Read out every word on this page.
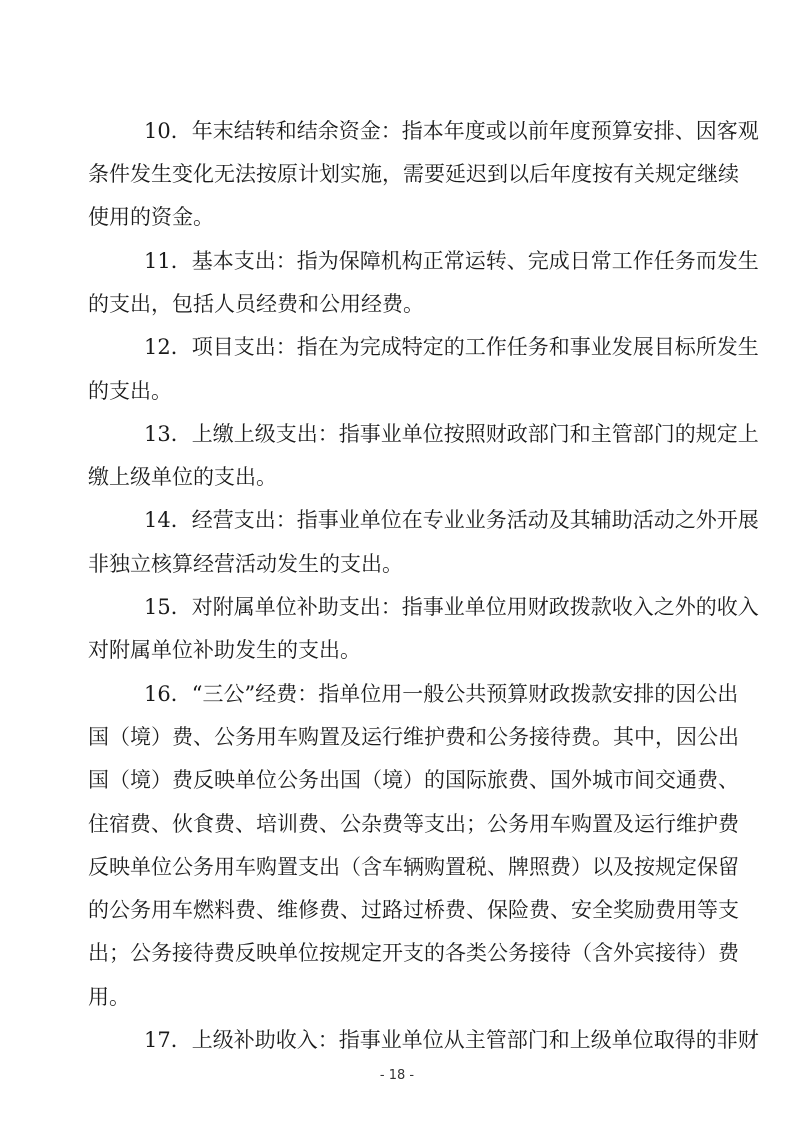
10．年末结转和结余资金：指本年度或以前年度预算安排、因客观
条件发生变化无法按原计划实施，需要延迟到以后年度按有关规定继续
使用的资金。
11．基本支出：指为保障机构正常运转、完成日常工作任务而发生
的支出，包括人员经费和公用经费。
12．项目支出：指在为完成特定的工作任务和事业发展目标所发生
的支出。
13．上缴上级支出：指事业单位按照财政部门和主管部门的规定上
缴上级单位的支出。
14．经营支出：指事业单位在专业业务活动及其辅助活动之外开展
非独立核算经营活动发生的支出。
15．对附属单位补助支出：指事业单位用财政拨款收入之外的收入
对附属单位补助发生的支出。
16．“三公”经费：指单位用一般公共预算财政拨款安排的因公出
国（境）费、公务用车购置及运行维护费和公务接待费。其中，因公出
国（境）费反映单位公务出国（境）的国际旅费、国外城市间交通费、
住宿费、伙食费、培训费、公杂费等支出；公务用车购置及运行维护费
反映单位公务用车购置支出（含车辆购置税、牌照费）以及按规定保留
的公务用车燃料费、维修费、过路过桥费、保险费、安全奖励费用等支
出；公务接待费反映单位按规定开支的各类公务接待（含外宾接待）费
用。
17．上级补助收入：指事业单位从主管部门和上级单位取得的非财
- 18 -
